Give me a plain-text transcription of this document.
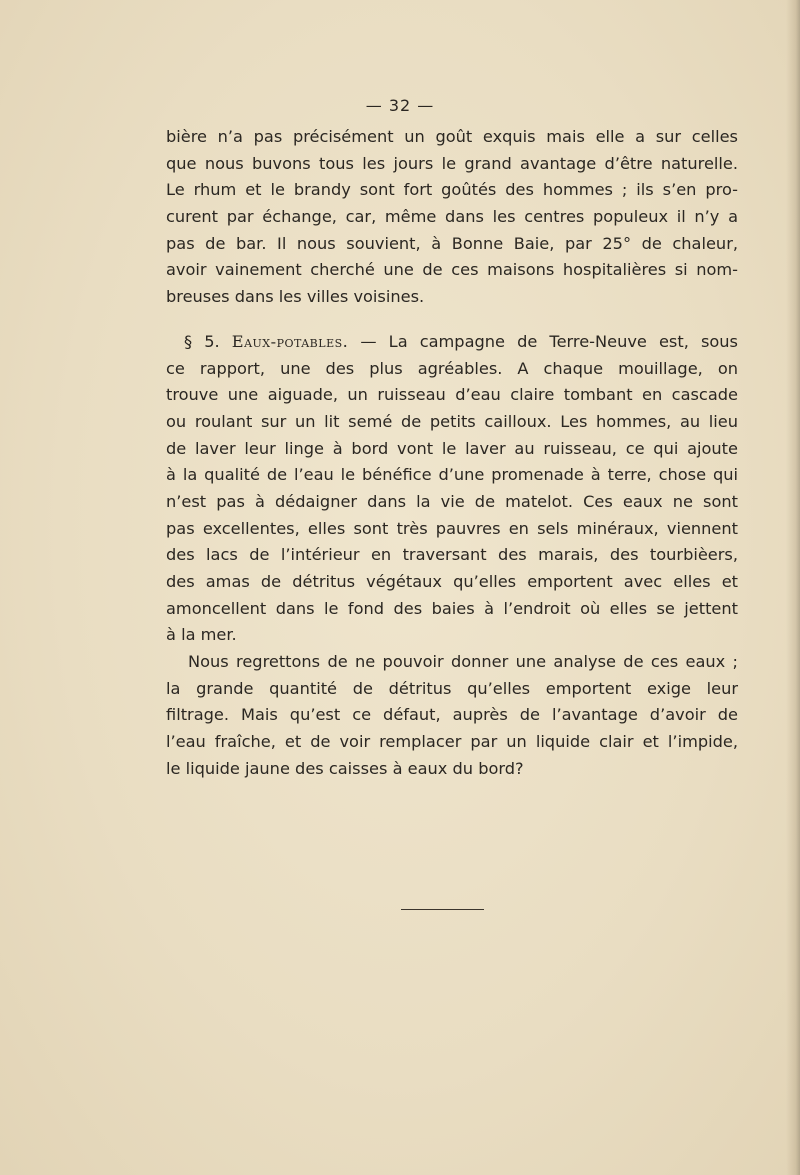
— 32 —
bière n’a pas précisément un goût exquis mais elle a sur celles
que nous buvons tous les jours le grand avantage d’être naturelle.
Le rhum et le brandy sont fort goûtés des hommes ; ils s’en pro-
curent par échange, car, même dans les centres populeux il n’y a
pas de bar. Il nous souvient, à Bonne Baie, par 25° de chaleur,
avoir vainement cherché une de ces maisons hospitalières si nom-
breuses dans les villes voisines.
§ 5. Eaux-potables. — La campagne de Terre-Neuve est, sous
ce rapport, une des plus agréables. A chaque mouillage, on
trouve une aiguade, un ruisseau d’eau claire tombant en cascade
ou roulant sur un lit semé de petits cailloux. Les hommes, au lieu
de laver leur linge à bord vont le laver au ruisseau, ce qui ajoute
à la qualité de l’eau le bénéfice d’une promenade à terre, chose qui
n’est pas à dédaigner dans la vie de matelot. Ces eaux ne sont
pas excellentes, elles sont très pauvres en sels minéraux, viennent
des lacs de l’intérieur en traversant des marais, des tourbièers,
des amas de détritus végétaux qu’elles emportent avec elles et
amoncellent dans le fond des baies à l’endroit où elles se jettent
à la mer.
Nous regrettons de ne pouvoir donner une analyse de ces eaux ;
la grande quantité de détritus qu’elles emportent exige leur
filtrage. Mais qu’est ce défaut, auprès de l’avantage d’avoir de
l’eau fraîche, et de voir remplacer par un liquide clair et l’impide,
le liquide jaune des caisses à eaux du bord?
